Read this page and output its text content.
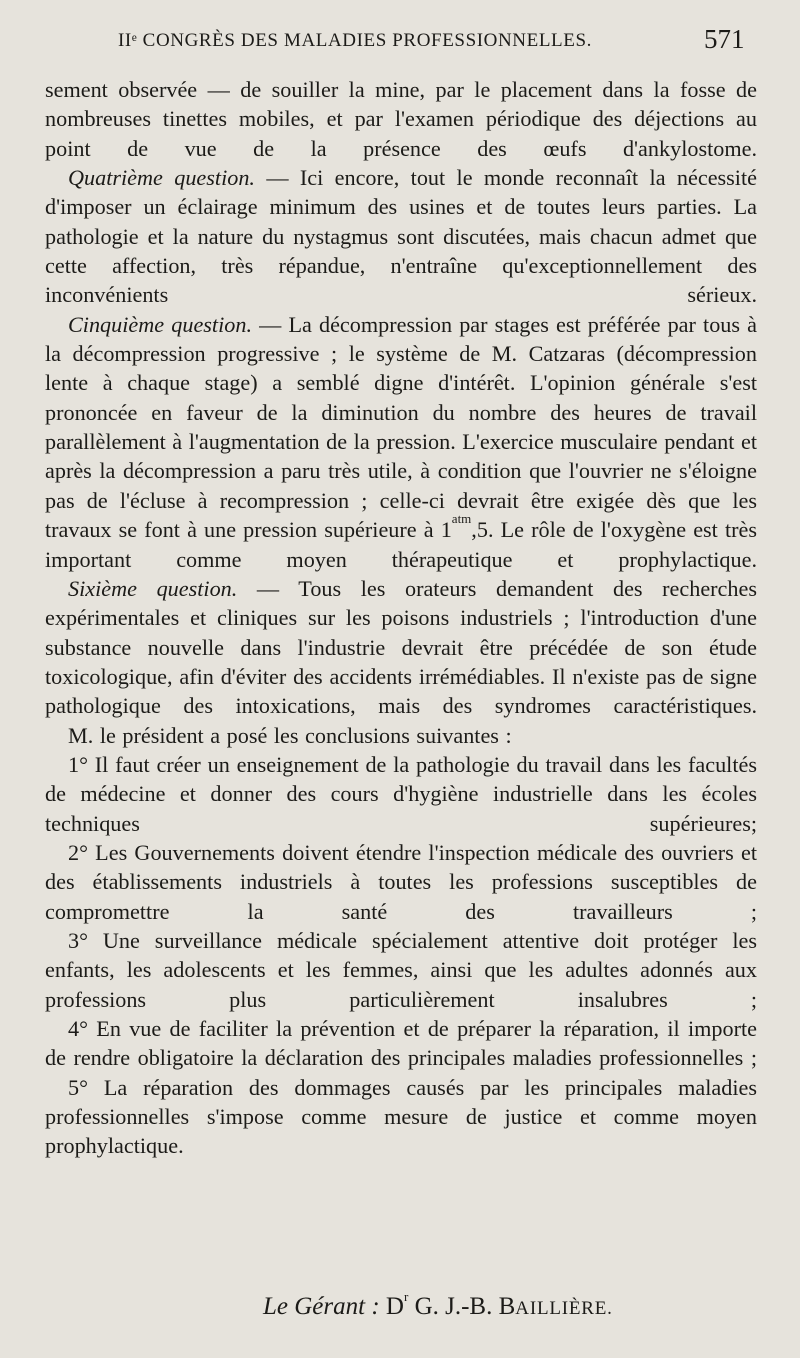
IIᵉ CONGRÈS DES MALADIES PROFESSIONNELLES.	571

sement observée — de souiller la mine, par le placement dans la fosse de nombreuses tinettes mobiles, et par l'examen périodique des déjections au point de vue de la présence des œufs d'ankylostome.

Quatrième question. — Ici encore, tout le monde reconnaît la nécessité d'imposer un éclairage minimum des usines et de toutes leurs parties. La pathologie et la nature du nystagmus sont discutées, mais chacun admet que cette affection, très répandue, n'entraîne qu'exceptionnellement des inconvénients sérieux.

Cinquième question. — La décompression par stages est préférée par tous à la décompression progressive ; le système de M. Catzaras (décompression lente à chaque stage) a semblé digne d'intérêt. L'opinion générale s'est prononcée en faveur de la diminution du nombre des heures de travail parallèlement à l'augmentation de la pression. L'exercice musculaire pendant et après la décompression a paru très utile, à condition que l'ouvrier ne s'éloigne pas de l'écluse à recompression ; celle-ci devrait être exigée dès que les travaux se font à une pression supérieure à $1^{atm},5$. Le rôle de l'oxygène est très important comme moyen thérapeutique et prophylactique.

Sixième question. — Tous les orateurs demandent des recherches expérimentales et cliniques sur les poisons industriels ; l'introduction d'une substance nouvelle dans l'industrie devrait être précédée de son étude toxicologique, afin d'éviter des accidents irrémédiables. Il n'existe pas de signe pathologique des intoxications, mais des syndromes caractéristiques.

M. le président a posé les conclusions suivantes :

1° Il faut créer un enseignement de la pathologie du travail dans les facultés de médecine et donner des cours d'hygiène industrielle dans les écoles techniques supérieures;

2° Les Gouvernements doivent étendre l'inspection médicale des ouvriers et des établissements industriels à toutes les professions susceptibles de compromettre la santé des travailleurs ;

3° Une surveillance médicale spécialement attentive doit protéger les enfants, les adolescents et les femmes, ainsi que les adultes adonnés aux professions plus particulièrement insalubres ;

4° En vue de faciliter la prévention et de préparer la réparation, il importe de rendre obligatoire la déclaration des principales maladies professionnelles ;

5° La réparation des dommages causés par les principales maladies professionnelles s'impose comme mesure de justice et comme moyen prophylactique.

Le Gérant : $D^r$ G. J.-B. BAILLIÈRE.
